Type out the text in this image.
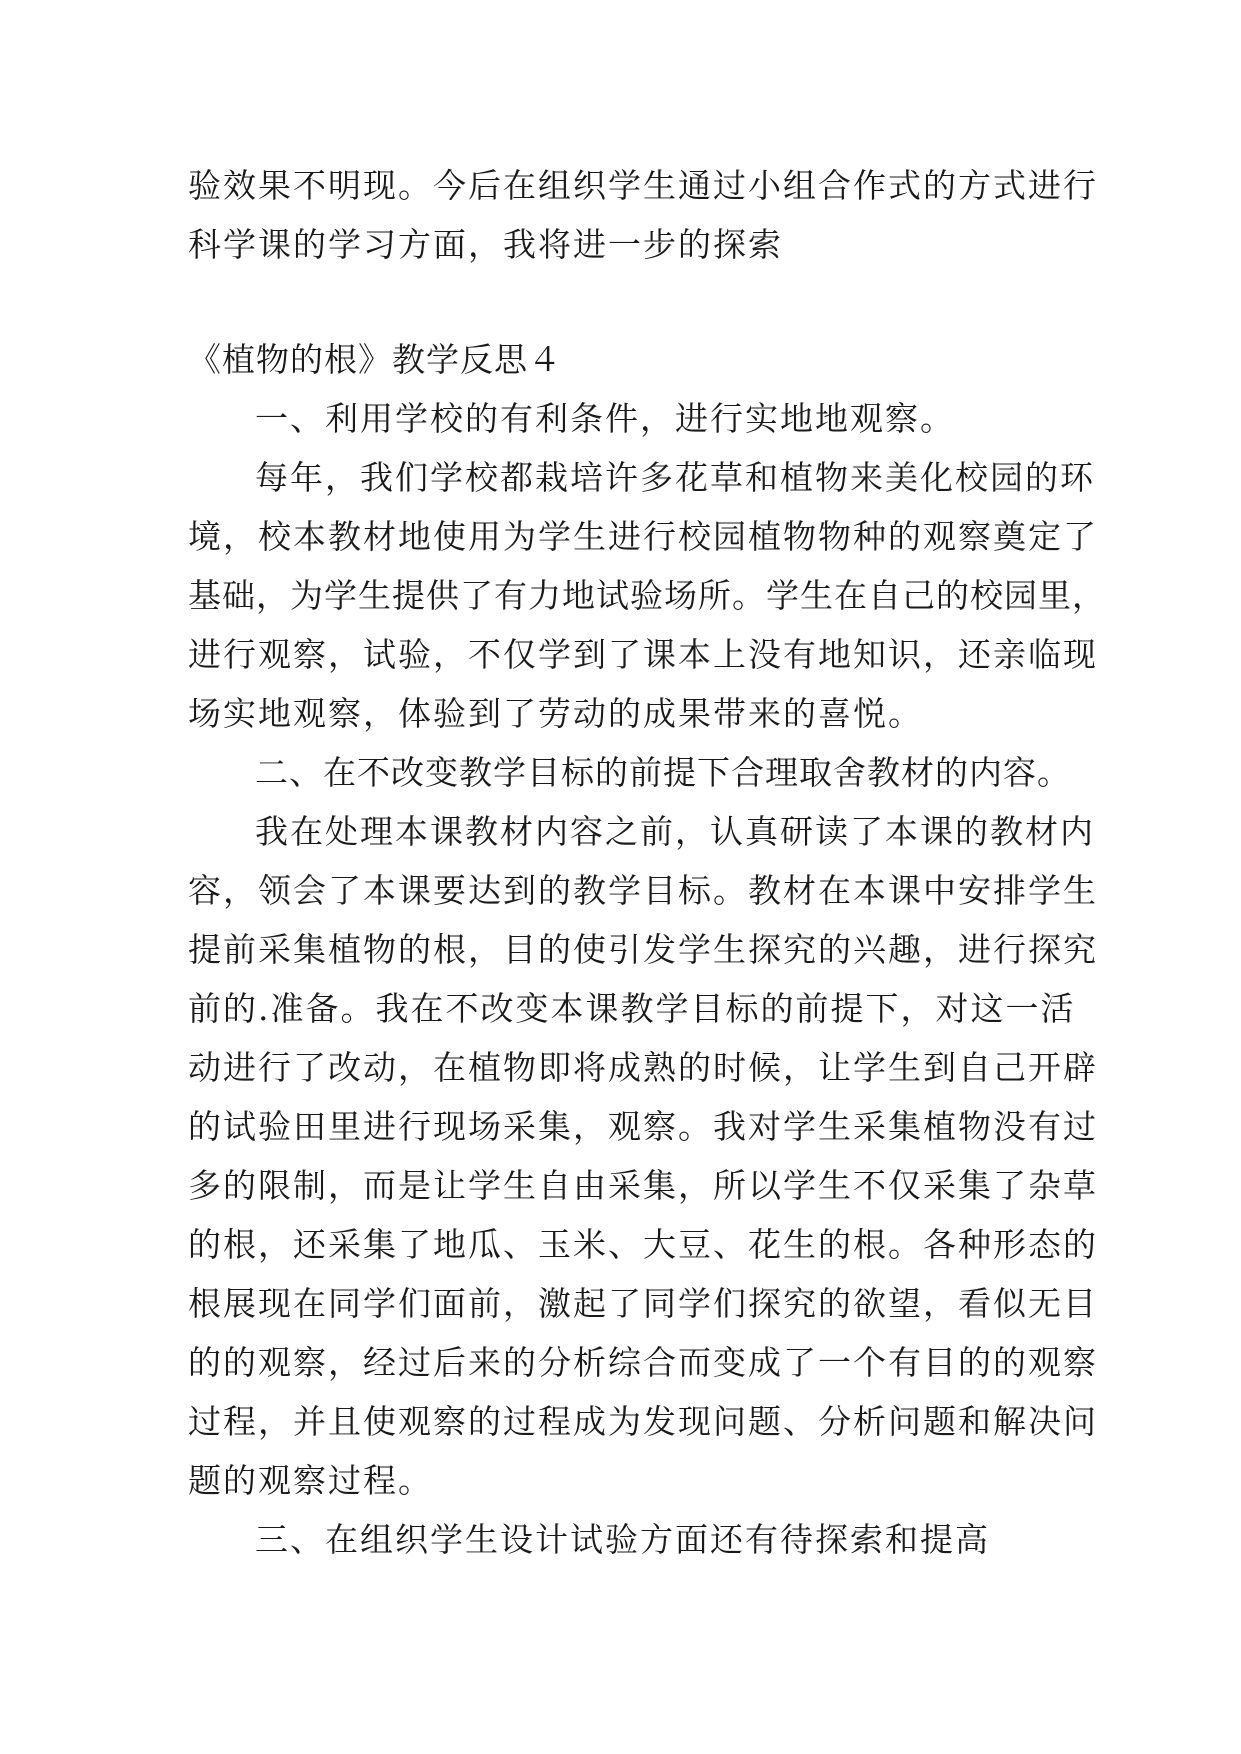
验效果不明现。今后在组织学生通过小组合作式的方式进行
科学课的学习方面，我将进一步的探索
《植物的根》教学反思４
一、利用学校的有利条件，进行实地地观察。
每年，我们学校都栽培许多花草和植物来美化校园的环
境，校本教材地使用为学生进行校园植物物种的观察奠定了
基础，为学生提供了有力地试验场所。学生在自己的校园里，
进行观察，试验，不仅学到了课本上没有地知识，还亲临现
场实地观察，体验到了劳动的成果带来的喜悦。
二、在不改变教学目标的前提下合理取舍教材的内容。
我在处理本课教材内容之前，认真研读了本课的教材内
容，领会了本课要达到的教学目标。教材在本课中安排学生
提前采集植物的根，目的使引发学生探究的兴趣，进行探究
前的.准备。我在不改变本课教学目标的前提下，对这一活
动进行了改动，在植物即将成熟的时候，让学生到自己开辟
的试验田里进行现场采集，观察。我对学生采集植物没有过
多的限制，而是让学生自由采集，所以学生不仅采集了杂草
的根，还采集了地瓜、玉米、大豆、花生的根。各种形态的
根展现在同学们面前，激起了同学们探究的欲望，看似无目
的的观察，经过后来的分析综合而变成了一个有目的的观察
过程，并且使观察的过程成为发现问题、分析问题和解决问
题的观察过程。
三、在组织学生设计试验方面还有待探索和提高
